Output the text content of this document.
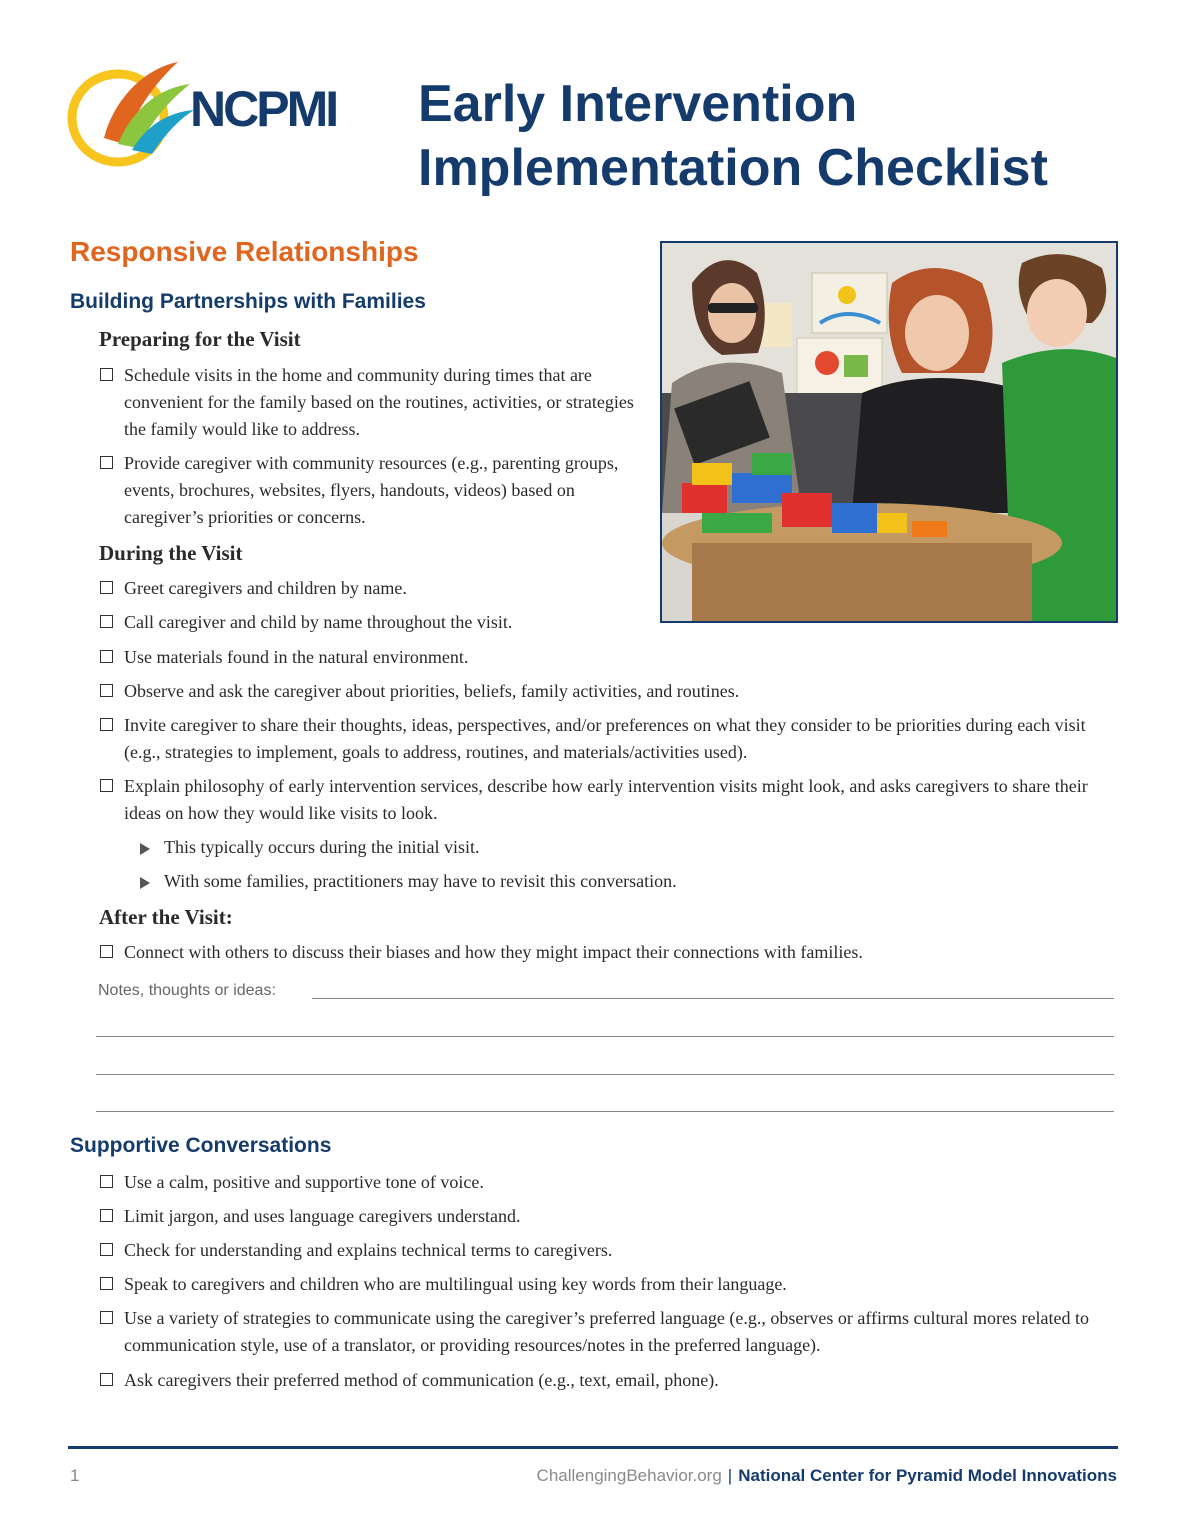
NCPMI Early Intervention
Implementation Checklist
Responsive Relationships
Building Partnerships with Families
Preparing for the Visit
Schedule visits in the home and community during times that are convenient for the family based on the routines, activities, or strategies the family would like to address.
Provide caregiver with community resources (e.g., parenting groups, events, brochures, websites, flyers, handouts, videos) based on caregiver’s priorities or concerns.
During the Visit
Greet caregivers and children by name.
Call caregiver and child by name throughout the visit.
Use materials found in the natural environment.
Observe and ask the caregiver about priorities, beliefs, family activities, and routines.
Invite caregiver to share their thoughts, ideas, perspectives, and/or preferences on what they consider to be priorities during each visit (e.g., strategies to implement, goals to address, routines, and materials/activities used).
Explain philosophy of early intervention services, describe how early intervention visits might look, and asks caregivers to share their ideas on how they would like visits to look.
This typically occurs during the initial visit.
With some families, practitioners may have to revisit this conversation.
After the Visit:
Connect with others to discuss their biases and how they might impact their connections with families.
Notes, thoughts or ideas:
Supportive Conversations
Use a calm, positive and supportive tone of voice.
Limit jargon, and uses language caregivers understand.
Check for understanding and explains technical terms to caregivers.
Speak to caregivers and children who are multilingual using key words from their language.
Use a variety of strategies to communicate using the caregiver’s preferred language (e.g., observes or affirms cultural mores related to communication style, use of a translator, or providing resources/notes in the preferred language).
Ask caregivers their preferred method of communication (e.g., text, email, phone).
1	ChallengingBehavior.org | National Center for Pyramid Model Innovations
